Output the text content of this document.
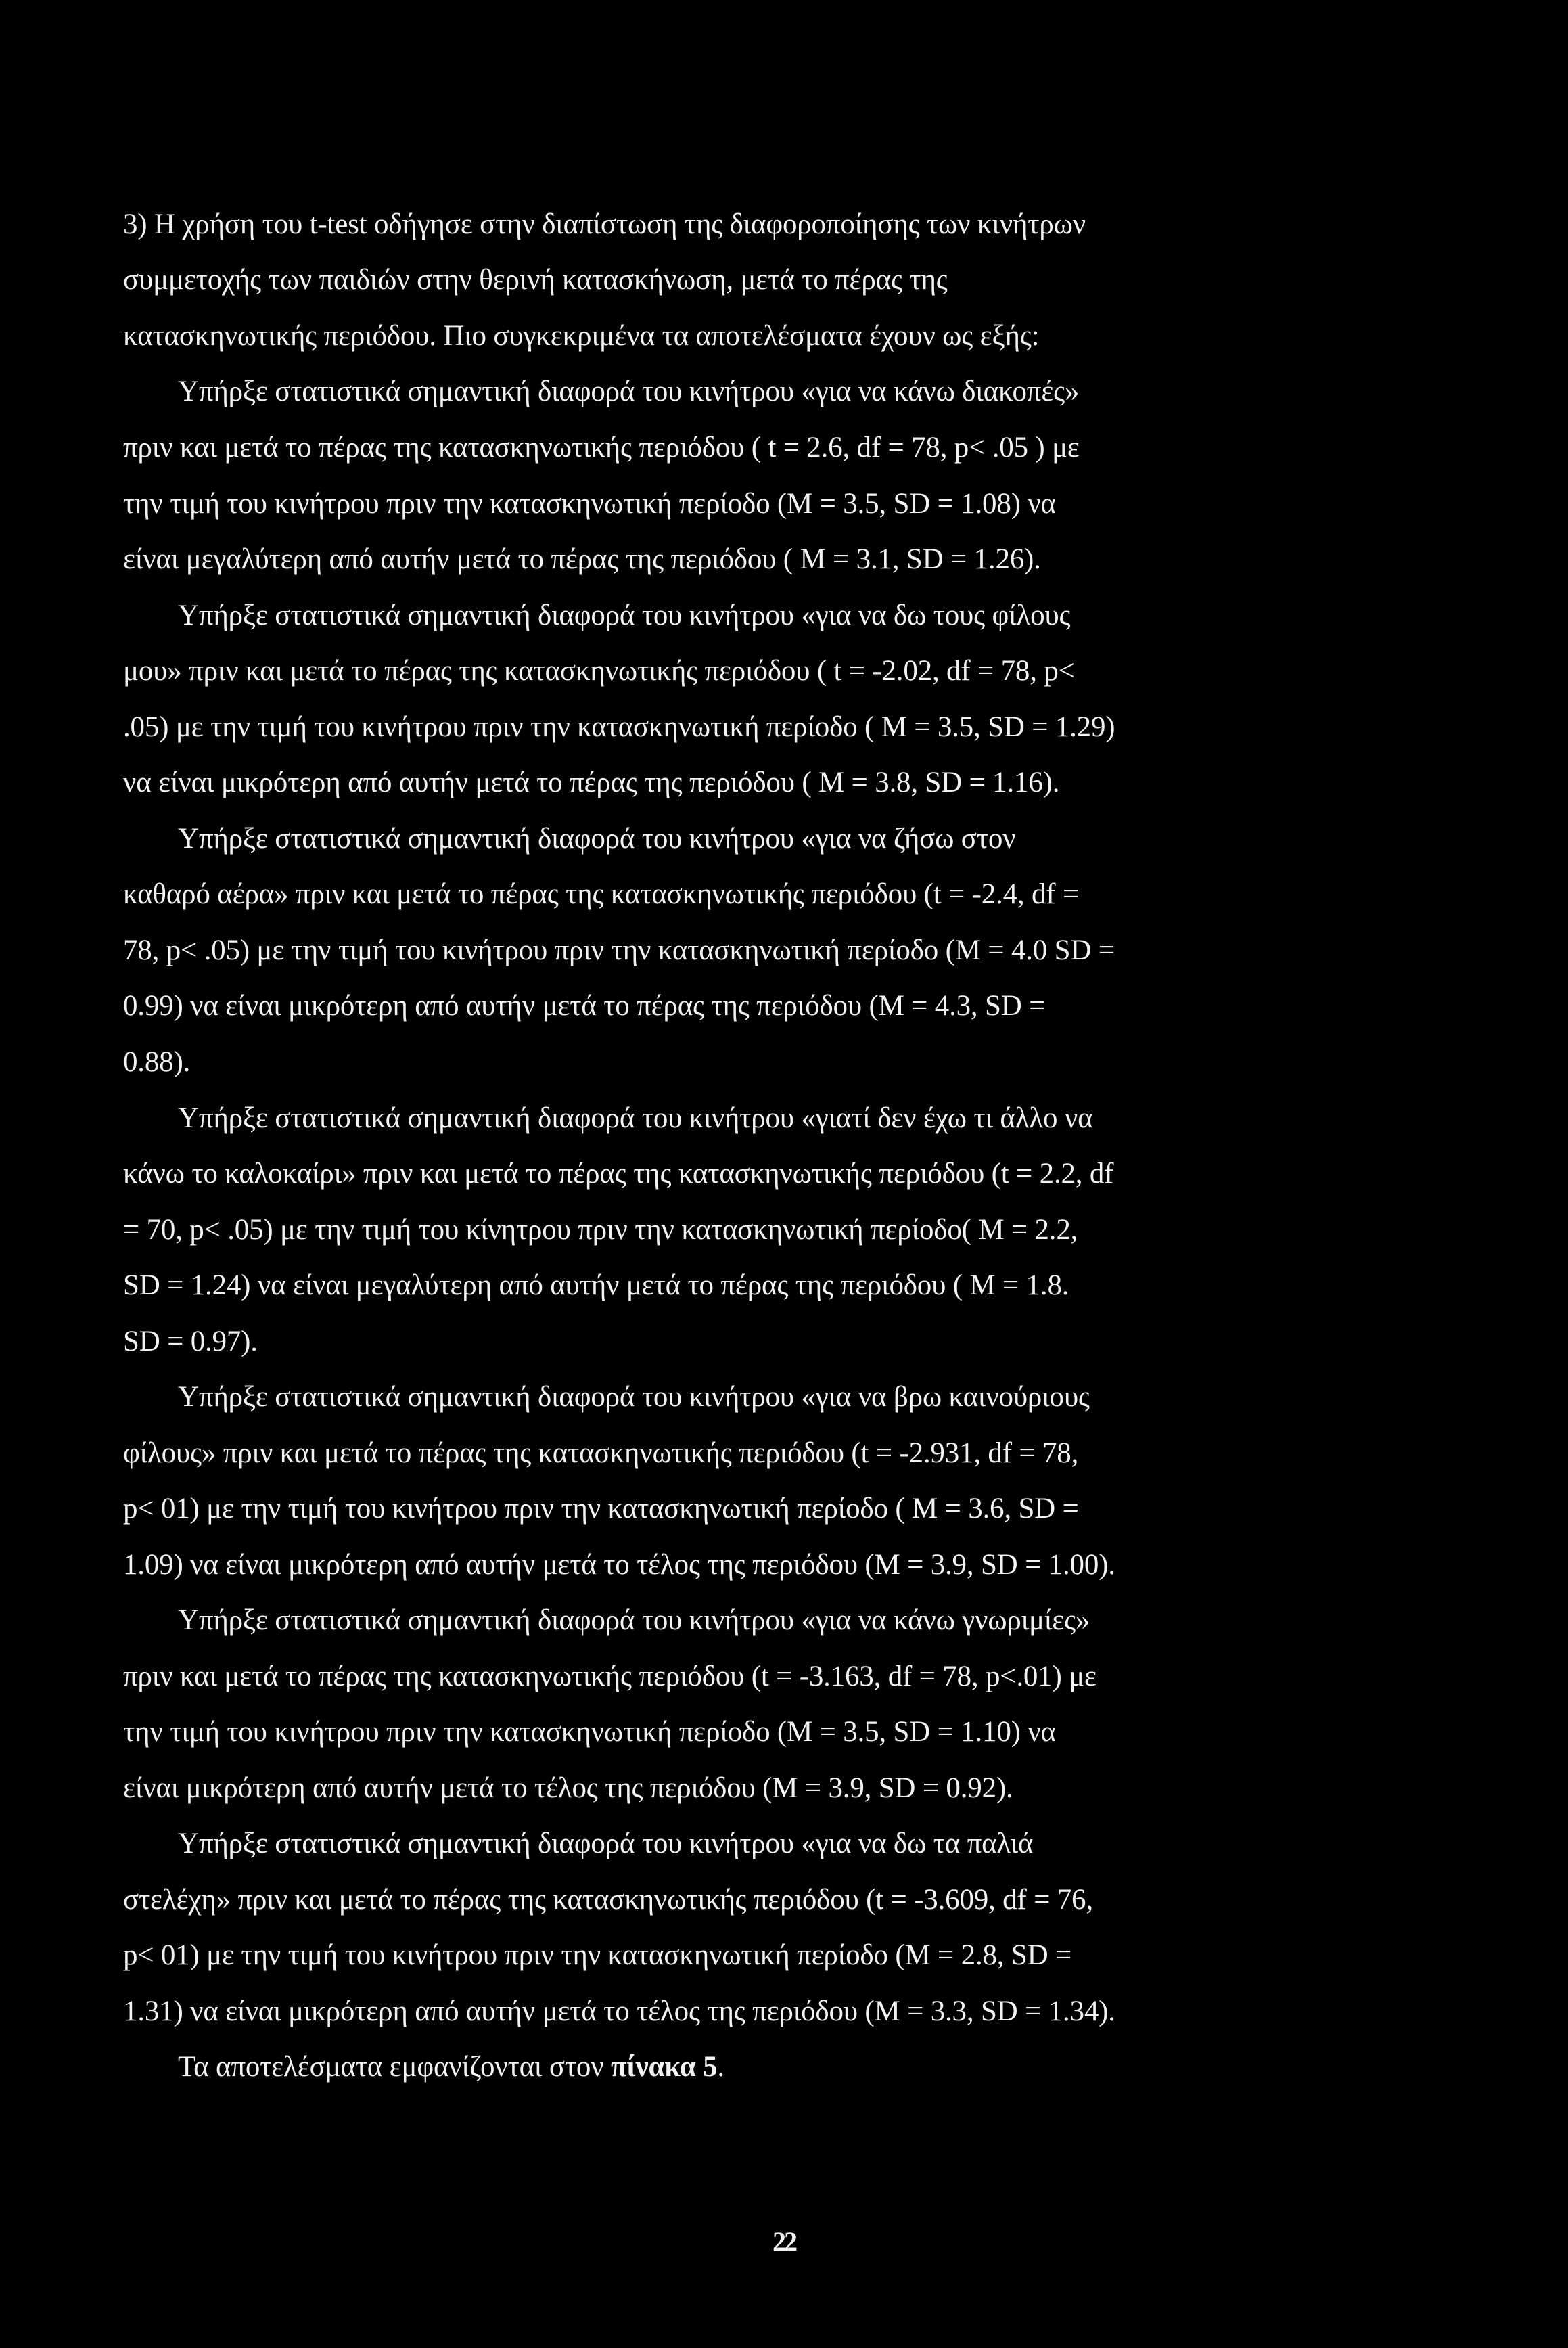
3) Η χρήση του t-test οδήγησε στην διαπίστωση της διαφοροποίησης των κινήτρων
συμμετοχής των παιδιών στην θερινή κατασκήνωση, μετά το πέρας της
κατασκηνωτικής περιόδου. Πιο συγκεκριμένα τα αποτελέσματα έχουν ως εξής:
Υπήρξε στατιστικά σημαντική διαφορά του κινήτρου «για να κάνω διακοπές»
πριν και μετά το πέρας της κατασκηνωτικής περιόδου ( t = 2.6, df = 78, p< .05 ) με
την τιμή του κινήτρου πριν την κατασκηνωτική περίοδο (Μ = 3.5, SD = 1.08) να
είναι μεγαλύτερη από αυτήν μετά το πέρας της περιόδου ( Μ = 3.1, SD = 1.26).
Υπήρξε στατιστικά σημαντική διαφορά του κινήτρου «για να δω τους φίλους
μου» πριν και μετά το πέρας της κατασκηνωτικής περιόδου ( t = -2.02, df = 78, p<
.05) με την τιμή του κινήτρου πριν την κατασκηνωτική περίοδο ( Μ = 3.5, SD = 1.29)
να είναι μικρότερη από αυτήν μετά το πέρας της περιόδου ( Μ = 3.8, SD = 1.16).
Υπήρξε στατιστικά σημαντική διαφορά του κινήτρου «για να ζήσω στον
καθαρό αέρα» πριν και μετά το πέρας της κατασκηνωτικής περιόδου (t = -2.4, df =
78, p< .05) με την τιμή του κινήτρου πριν την κατασκηνωτική περίοδο (Μ = 4.0 SD =
0.99) να είναι μικρότερη από αυτήν μετά το πέρας της περιόδου (Μ = 4.3, SD =
0.88).
Υπήρξε στατιστικά σημαντική διαφορά του κινήτρου «γιατί δεν έχω τι άλλο να
κάνω το καλοκαίρι» πριν και μετά το πέρας της κατασκηνωτικής περιόδου (t = 2.2, df
= 70, p< .05) με την τιμή του κίνητρου πριν την κατασκηνωτική περίοδο( Μ = 2.2,
SD = 1.24) να είναι μεγαλύτερη από αυτήν μετά το πέρας της περιόδου ( Μ = 1.8.
SD = 0.97).
Υπήρξε στατιστικά σημαντική διαφορά του κινήτρου «για να βρω καινούριους
φίλους» πριν και μετά το πέρας της κατασκηνωτικής περιόδου (t = -2.931, df = 78,
p< 01) με την τιμή του κινήτρου πριν την κατασκηνωτική περίοδο ( Μ = 3.6, SD =
1.09) να είναι μικρότερη από αυτήν μετά το τέλος της περιόδου (Μ = 3.9, SD = 1.00).
Υπήρξε στατιστικά σημαντική διαφορά του κινήτρου «για να κάνω γνωριμίες»
πριν και μετά το πέρας της κατασκηνωτικής περιόδου (t = -3.163, df = 78, p<.01) με
την τιμή του κινήτρου πριν την κατασκηνωτική περίοδο (Μ = 3.5, SD = 1.10) να
είναι μικρότερη από αυτήν μετά το τέλος της περιόδου (Μ = 3.9, SD = 0.92).
Υπήρξε στατιστικά σημαντική διαφορά του κινήτρου «για να δω τα παλιά
στελέχη» πριν και μετά το πέρας της κατασκηνωτικής περιόδου (t = -3.609, df = 76,
p< 01) με την τιμή του κινήτρου πριν την κατασκηνωτική περίοδο (Μ = 2.8, SD =
1.31) να είναι μικρότερη από αυτήν μετά το τέλος της περιόδου (Μ = 3.3, SD = 1.34).
Τα αποτελέσματα εμφανίζονται στον πίνακα 5.
22
